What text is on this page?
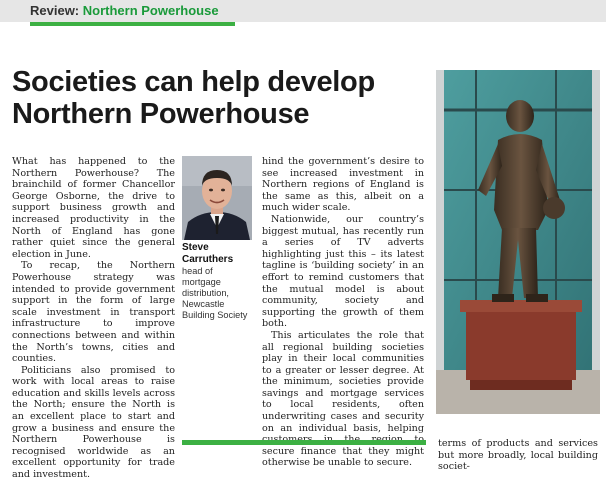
Review: Northern Powerhouse
Societies can help develop
Northern Powerhouse

What has happened to the Northern Powerhouse? The brainchild of former Chancellor George Osborne, the drive to support business growth and increased productivity in the North of England has gone rather quiet since the general election in June.

To recap, the Northern Powerhouse strategy was intended to provide government support in the form of large scale investment in transport infrastructure to improve connections between and within the North’s towns, cities and counties.

Politicians also promised to work with local areas to raise education and skills levels across the North; ensure the North is an excellent place to start and grow a business and ensure the Northern Powerhouse is recognised worldwide as an excellent opportunity for trade and investment.

Steve Carruthers
head of
mortgage
distribution,
Newcastle
Building Society

hind the government’s desire to see increased investment in Northern regions of England is the same as this, albeit on a much wider scale.

Nationwide, our country’s biggest mutual, has recently run a series of TV adverts highlighting just this – its latest tagline is ‘building society’ in an effort to remind customers that the mutual model is about community, society and supporting the growth of them both.

This articulates the role that all regional building societies play in their local communities to a greater or lesser degree. At the minimum, societies provide savings and mortgage services to local residents, often underwriting cases and security on an individual basis, helping secure finance that they might otherwise be unable to secure.

terms of products and services but more broadly, local building societ-
